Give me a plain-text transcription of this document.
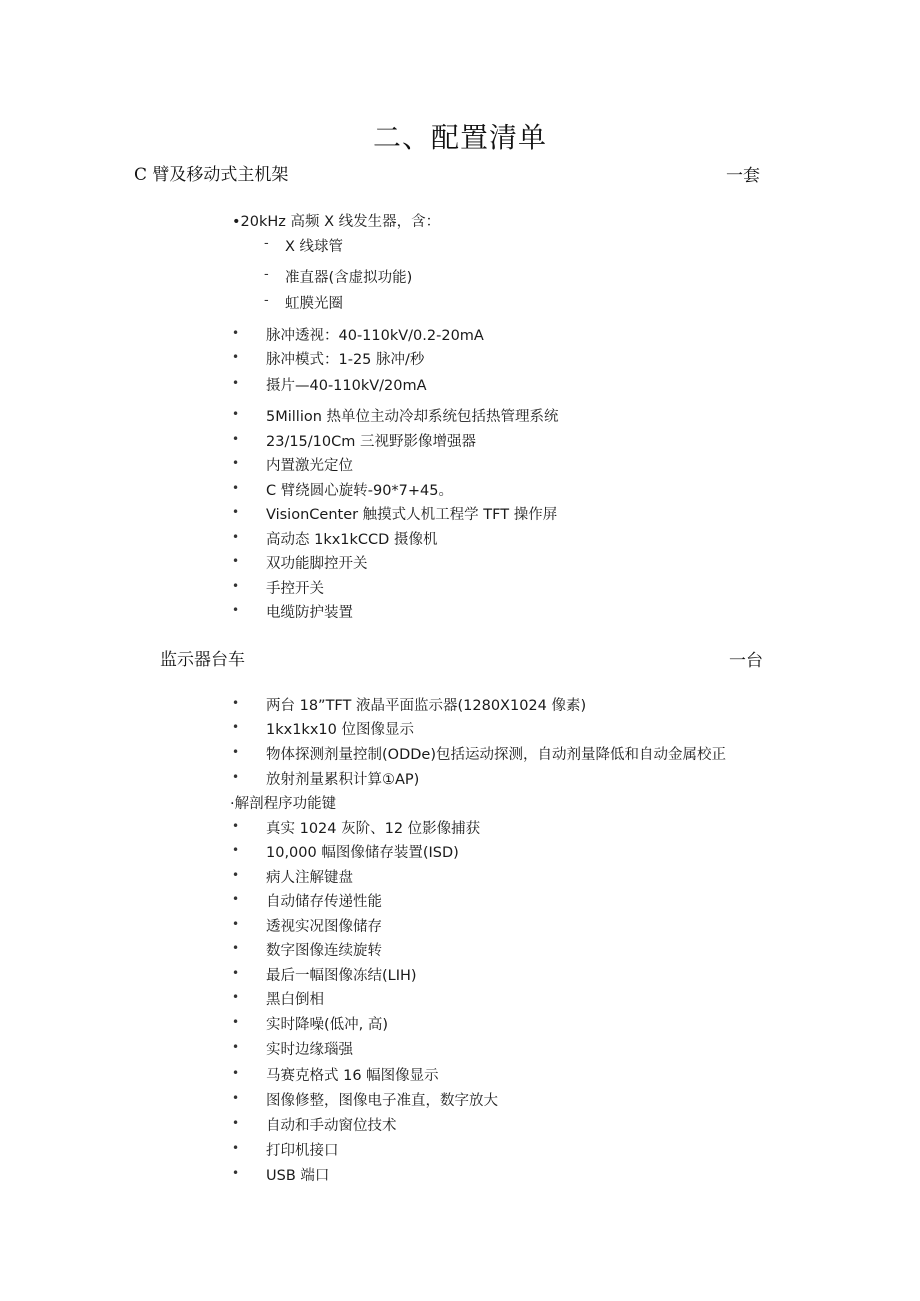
二、配置清单
C 臂及移动式主机架	一套
•20kHz 高频 X 线发生器，含：
- X 线球管
- 准直器(含虚拟功能)
- 虹膜光圈
• 脉冲透视：40-110kV/0.2-20mA
• 脉冲模式：1-25 脉冲/秒
• 摄片—40-110kV∕20mA
• 5Million 热单位主动冷却系统包括热管理系统
• 23/15/10Cm 三视野影像增强器
• 内置激光定位
• C 臂绕圆心旋转-90*7+45。
• VisionCenter 触摸式人机工程学 TFT 操作屏
• 高动态 1kx1kCCD 摄像机
• 双功能脚控开关
• 手控开关
• 电缆防护装置
监示器台车	一台
• 两台 18”TFT 液晶平面监示器(1280X1024 像素)
• 1kx1kx10 位图像显示
• 物体探测剂量控制(ODDe)包括运动探测，自动剂量降低和自动金属校正
• 放射剂量累积计算①AP)
·解剖程序功能键
• 真实 1024 灰阶、12 位影像捕获
• 10,000 幅图像储存装置(ISD)
• 病人注解键盘
• 自动储存传递性能
• 透视实况图像储存
• 数字图像连续旋转
• 最后一幅图像冻结(LIH)
• 黑白倒相
• 实时降噪(低冲, 高)
• 实时边缘瑙强
• 马赛克格式 16 幅图像显示
• 图像修整，图像电子准直，数字放大
• 自动和手动窗位技术
• 打印机接口
• USB 端口
